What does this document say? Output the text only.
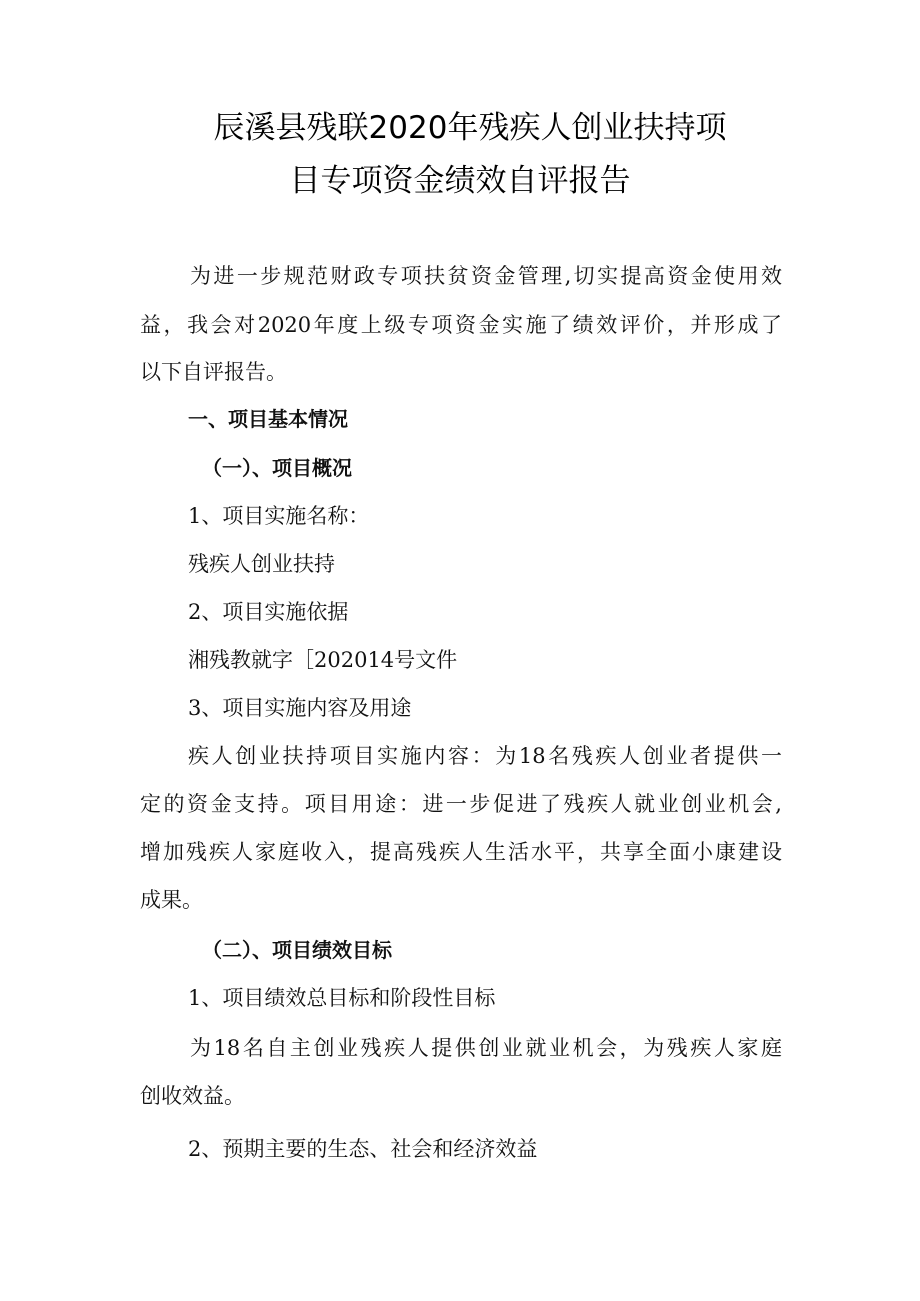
辰溪县残联2020年残疾人创业扶持项
目专项资金绩效自评报告
为进一步规范财政专项扶贫资金管理,切实提高资金使用效
益，我会对2020年度上级专项资金实施了绩效评价，并形成了
以下自评报告。
一、项目基本情况
（一）、项目概况
1、项目实施名称：
残疾人创业扶持
2、项目实施依据
湘残教就字［202014号文件
3、项目实施内容及用途
疾人创业扶持项目实施内容：为18名残疾人创业者提供一
定的资金支持。项目用途：进一步促进了残疾人就业创业机会,
增加残疾人家庭收入，提高残疾人生活水平，共享全面小康建设
成果。
（二）、项目绩效目标
1、项目绩效总目标和阶段性目标
为18名自主创业残疾人提供创业就业机会，为残疾人家庭
创收效益。
2、预期主要的生态、社会和经济效益
